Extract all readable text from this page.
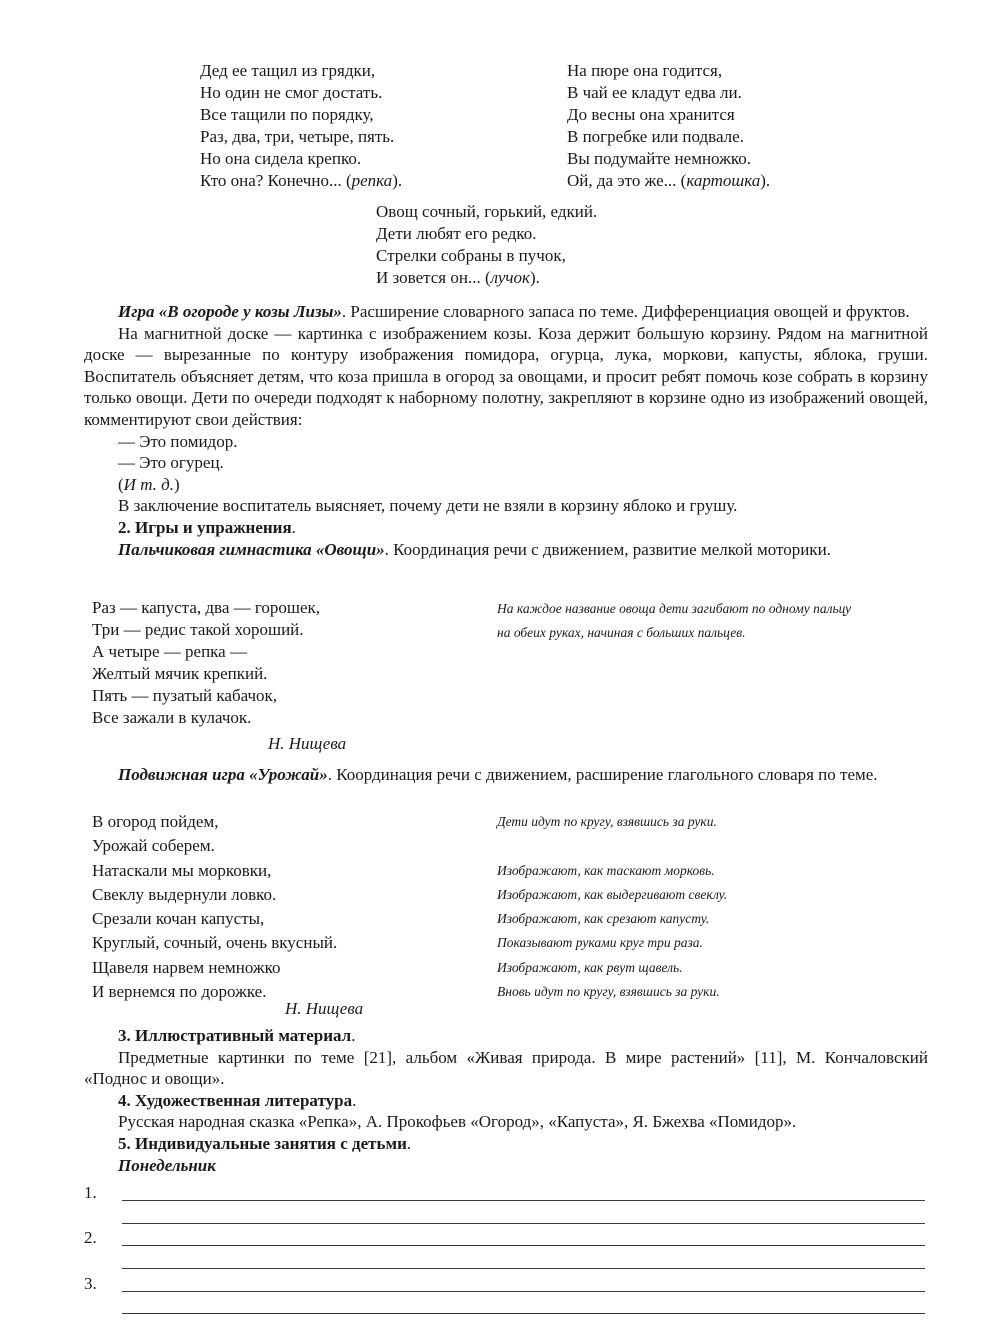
Дед ее тащил из грядки,
Но один не смог достать.
Все тащили по порядку,
Раз, два, три, четыре, пять.
Но она сидела крепко.
Кто она? Конечно... (репка).
На пюре она годится,
В чай ее кладут едва ли.
До весны она хранится
В погребке или подвале.
Вы подумайте немножко.
Ой, да это же... (картошка).
Овощ сочный, горький, едкий.
Дети любят его редко.
Стрелки собраны в пучок,
И зовется он... (лучок).
Игра «В огороде у козы Лизы». Расширение словарного запаса по теме. Дифференциация овощей и фруктов.
На магнитной доске — картинка с изображением козы. Коза держит большую корзину. Рядом на магнитной доске — вырезанные по контуру изображения помидора, огурца, лука, моркови, капусты, яблока, груши. Воспитатель объясняет детям, что коза пришла в огород за овощами, и просит ребят помочь козе собрать в корзину только овощи. Дети по очереди подходят к наборному полотну, закрепляют в корзине одно из изображений овощей, комментируют свои действия:
— Это помидор.
— Это огурец.
(И т. д.)
В заключение воспитатель выясняет, почему дети не взяли в корзину яблоко и грушу.
2. Игры и упражнения.
Пальчиковая гимнастика «Овощи». Координация речи с движением, развитие мелкой моторики.
Раз — капуста, два — горошек,
Три — редис такой хороший.
А четыре — репка —
Желтый мячик крепкий.
Пять — пузатый кабачок,
Все зажали в кулачок.
На каждое название овоща дети загибают по одному пальцу
на обеих руках, начиная с больших пальцев.
Н. Нищева
Подвижная игра «Урожай». Координация речи с движением, расширение глагольного словаря по теме.
В огород пойдем,
Урожай соберем.
Натаскали мы морковки,
Свеклу выдернули ловко.
Срезали кочан капусты,
Круглый, сочный, очень вкусный.
Щавеля нарвем немножко
И вернемся по дорожке.
Дети идут по кругу, взявшись за руки.

Изображают, как таскают морковь.
Изображают, как выдергивают свеклу.
Изображают, как срезают капусту.
Показывают руками круг три раза.
Изображают, как рвут щавель.
Вновь идут по кругу, взявшись за руки.
Н. Нищева
3. Иллюстративный материал.
Предметные картинки по теме [21], альбом «Живая природа. В мире растений» [11], М. Кончаловский «Поднос и овощи».
4. Художественная литература.
Русская народная сказка «Репка», А. Прокофьев «Огород», «Капуста», Я. Бжехва «Помидор».
5. Индивидуальные занятия с детьми.
Понедельник
1.
2.
3.
